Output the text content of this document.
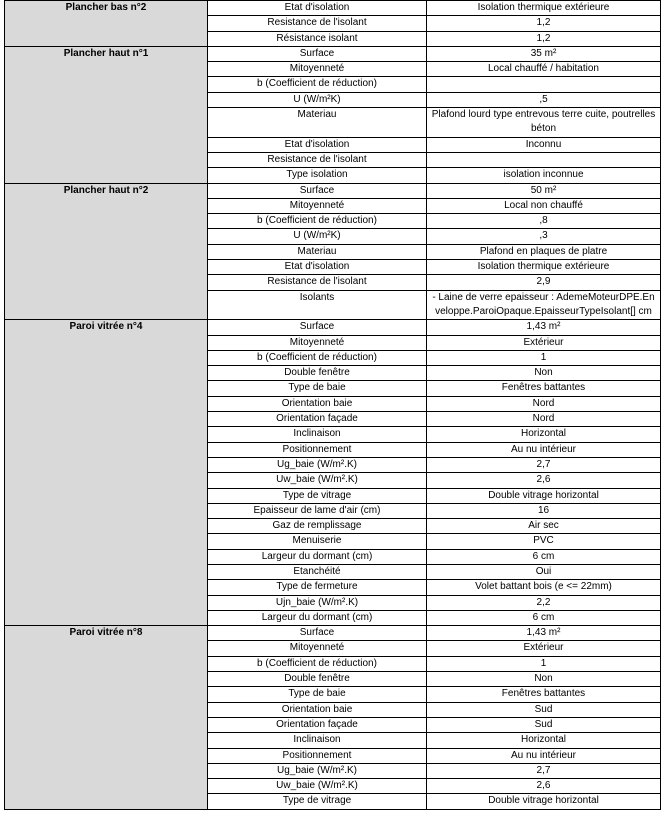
Plancher bas n°2	Etat d'isolation	Isolation thermique extérieure
	Resistance de l'isolant	1,2
	Résistance isolant	1,2
Plancher haut n°1	Surface	35 m²
	Mitoyenneté	Local chauffé / habitation
	b (Coefficient de réduction)	
	U (W/m²K)	,5
	Materiau	Plafond lourd type entrevous terre cuite, poutrelles béton
	Etat d'isolation	Inconnu
	Resistance de l'isolant	
	Type isolation	isolation inconnue
Plancher haut n°2	Surface	50 m²
	Mitoyenneté	Local non chauffé
	b (Coefficient de réduction)	,8
	U (W/m²K)	,3
	Materiau	Plafond en plaques de platre
	Etat d'isolation	Isolation thermique extérieure
	Resistance de l'isolant	2,9
	Isolants	- Laine de verre epaisseur : AdemeMoteurDPE.Enveloppe.ParoiOpaque.EpaisseurTypeIsolant[] cm
Paroi vitrée n°4	Surface	1,43 m²
	Mitoyenneté	Extérieur
	b (Coefficient de réduction)	1
	Double fenêtre	Non
	Type de baie	Fenêtres battantes
	Orientation baie	Nord
	Orientation façade	Nord
	Inclinaison	Horizontal
	Positionnement	Au nu intérieur
	Ug_baie (W/m².K)	2,7
	Uw_baie (W/m².K)	2,6
	Type de vitrage	Double vitrage horizontal
	Epaisseur de lame d'air (cm)	16
	Gaz de remplissage	Air sec
	Menuiserie	PVC
	Largeur du dormant (cm)	6 cm
	Etanchéité	Oui
	Type de fermeture	Volet battant bois (e <= 22mm)
	Ujn_baie (W/m².K)	2,2
	Largeur du dormant (cm)	6 cm
Paroi vitrée n°8	Surface	1,43 m²
	Mitoyenneté	Extérieur
	b (Coefficient de réduction)	1
	Double fenêtre	Non
	Type de baie	Fenêtres battantes
	Orientation baie	Sud
	Orientation façade	Sud
	Inclinaison	Horizontal
	Positionnement	Au nu intérieur
	Ug_baie (W/m².K)	2,7
	Uw_baie (W/m².K)	2,6
	Type de vitrage	Double vitrage horizontal
